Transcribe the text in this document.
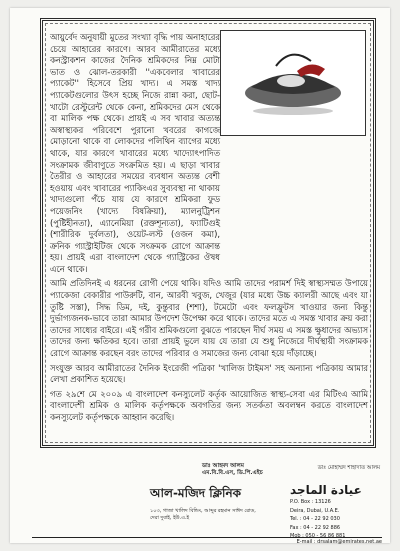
আয়ুর্বেদ অনুযায়ী মুতের সংখ্যা বৃদ্ধি পায় অনাহারের চেয়ে আহারের কারণে। আরব আমীরাতের মধ্যে কনস্ট্রাকশন কাজের দৈনিক শ্রমিকদের নিম্ন মোটা ভাত ও ঝোল-তরকারী ''একবেলার খাবারের প্যাকেট'' হিসেবে প্রিয় খাদ্য। এ সমস্ত খাদ্য প্যাকেটগুলোর উৎস হচ্ছে নিজে রান্না করা, ছোট-খাটো রেস্টুরেন্ট থেকে কেনা, শ্রমিকদের মেস থেকে বা মালিক পক্ষ থেকে। প্রায়ই এ সব খাবার অত্যন্ত অস্বাস্থ্যকর পরিবেশে পুরানো খবরের কাগজে মোড়ানো থাকে বা লোকদের পলিথিন ব্যাগের মধ্যে থাকে, যার কারণে খাবারের মধ্যে খাদ্যোৎপাদিত সংক্রামক জীবাণুতে সংক্রমিত হয়। এ ছাড়া খাবার তৈরীর ও আহারের সময়ের ব্যবধান অত্যন্ত বেশী হওয়ায় এবং খাবারের প্যাকিংএর সুব্যবস্থা না থাকায় খাদ্যগুলো পঁচে যায় যে কারণে শ্রমিকরা ফুড পয়েজনিং (খাদ্যে বিষক্রিয়া), ম্যালনুট্রিশন (পুষ্টিহীনতা), এ্যানেমিয়া (রক্তশূন্যতা), ফ্যাটিগুই (শারীরিক দুর্বলতা), ওয়েট-লস্ট (ওজন কমা), ক্রনিক গ্যাস্ট্রাইটিজ থেকে সংক্রমক রোগে আক্রান্ত হয়। প্রায়ই এরা বাংলাদেশ থেকে গ্যাস্ট্রিকের ঔষধ এনে থাকে।

আমি প্রতিদিনই এ ধরনের রোগী পেয়ে থাকি। যদিও আমি তাদের পরামর্শ দিই স্বাস্থ্যসম্মত উপায়ে প্যাকেজা বেকারীর পাউরুটি, বান, আরবী খবুজ, খেজুর (যার মধ্যে উচ্চ ক্যালরী আছে এবং যা তুষ্টি সস্তা), সিদ্ধ ডিম, দই, কুন্তুবার (শশা), টমেটো এবং ফলফ্রুটস খাওয়ার জন্য কিন্তু দুর্ভাগ্যজনক-ভাবে তারা আমার উপদেশ উপেক্ষা করে থাকে। তাদের মতে এ সমস্ত খাবার ক্রয় করা তাদের সাধ্যের বাইরে। এই গরীব শ্রমিকগুলো বুঝতে পারছেন দীর্ঘ সময় এ সমস্ত ক্ষুধাদের অভ্যাস তাদের জন্য ক্ষতিকর হবে। তারা প্রায়ই ভুলে যায় যে তারা যে শুধু নিজেরে দীর্ঘস্থায়ী সংক্রামক রোগে আক্রান্ত করছেন বরং তাদের পরিবার ও সমাজের জন্য বোঝা হয়ে দাঁড়াচ্ছে।

সংযুক্ত আরব আমীরাতের দৈনিক ইংরেজী পত্রিকা 'খালিজ টাইমস' সহ অন্যান্য পত্রিকায় আমার লেখা প্রকাশিত হয়েছে।

গত ২৯শে মে ২০০৯ এ বাংলাদেশ কনস্যুলেট কর্তৃক আয়োজিত স্বাস্থ্য-সেবা এর মিটিংএ আমি বাংলাদেশী শ্রমিক ও মালিক কর্তৃপক্ষকে অবগতির জন্য সতর্কতা অবলম্বন করতে বাংলাদেশ কনস্যুলেট কর্তৃপক্ষকে আহ্বান করেছি।

ডাঃ আহমদ আলম
এম.বি.বি.এস, ডি.পি.এইচ
ডাঃ মোহাম্মদ শাহাদাত আলম
আল-মজিদ ক্লিনিক
১০৩, গাজা খালিদ বিন্ডিং, আব্দুর রহমান সাঈদ রোড, দেরা দুবাই, ইউ.এ.ই
عيادة الماجد
P.O. Box : 13126
Deira, Dubai, U.A.E.
Tel. : 04 - 22 92 030
Fax : 04 - 22 92 886
Mob : 050 - 56 86 881
E-mail : drsalam@emirates.net.ae
